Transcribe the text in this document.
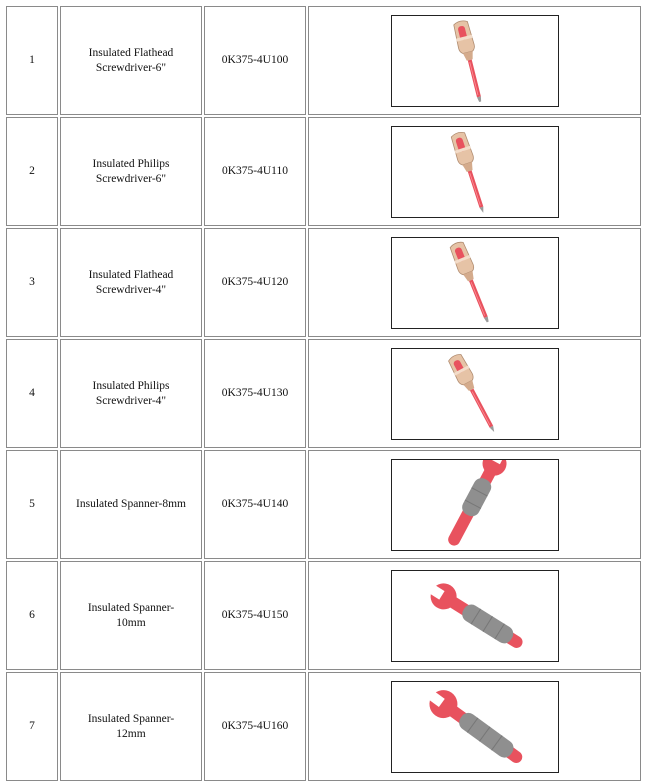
1	Insulated Flathead
Screwdriver-6"	0K375-4U100	

2	Insulated Philips
Screwdriver-6"	0K375-4U110	

3	Insulated Flathead
Screwdriver-4"	0K375-4U120	

4	Insulated Philips
Screwdriver-4"	0K375-4U130	

5	Insulated Spanner-8mm	0K375-4U140	

6	Insulated Spanner-10mm	0K375-4U150	

7	Insulated Spanner-12mm	0K375-4U160	
